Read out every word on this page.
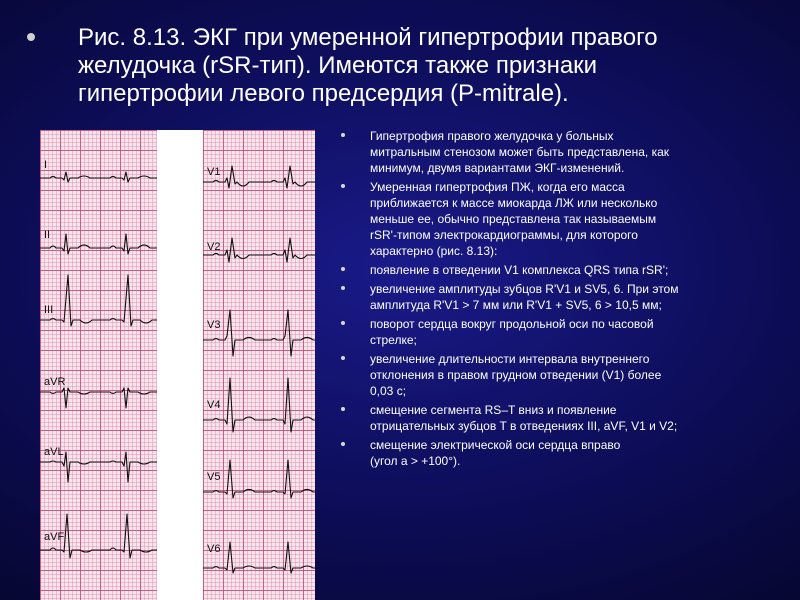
Рис. 8.13. ЭКГ при умеренной гипертрофии правого
желудочка (rSR-тип). Имеются также признаки
гипертрофии левого предсердия (P-mitrale).
I
II
III
aVR
aVL
aVF
V1
V2
V3
V4
V5
V6
Гипертрофия правого желудочка у больных
митральным стенозом может быть представлена, как
минимум, двумя вариантами ЭКГ-изменений.
Умеренная гипертрофия ПЖ, когда его масса
приближается к массе миокарда ЛЖ или несколько
меньше ее, обычно представлена так называемым
rSR'-типом электрокардиограммы, для которого
характерно (рис. 8.13):
появление в отведении V1 комплекса QRS типа rSR';
увеличение амплитуды зубцов R'V1 и SV5, 6. При этом
амплитуда R'V1 > 7 мм или R'V1 + SV5, 6 > 10,5 мм;
поворот сердца вокруг продольной оси по часовой
стрелке;
увеличение длительности интервала внутреннего
отклонения в правом грудном отведении (V1) более
0,03 с;
смещение сегмента RS–T вниз и появление
отрицательных зубцов T в отведениях III, aVF, V1 и V2;
смещение электрической оси сердца вправо
(угол a > +100°).
